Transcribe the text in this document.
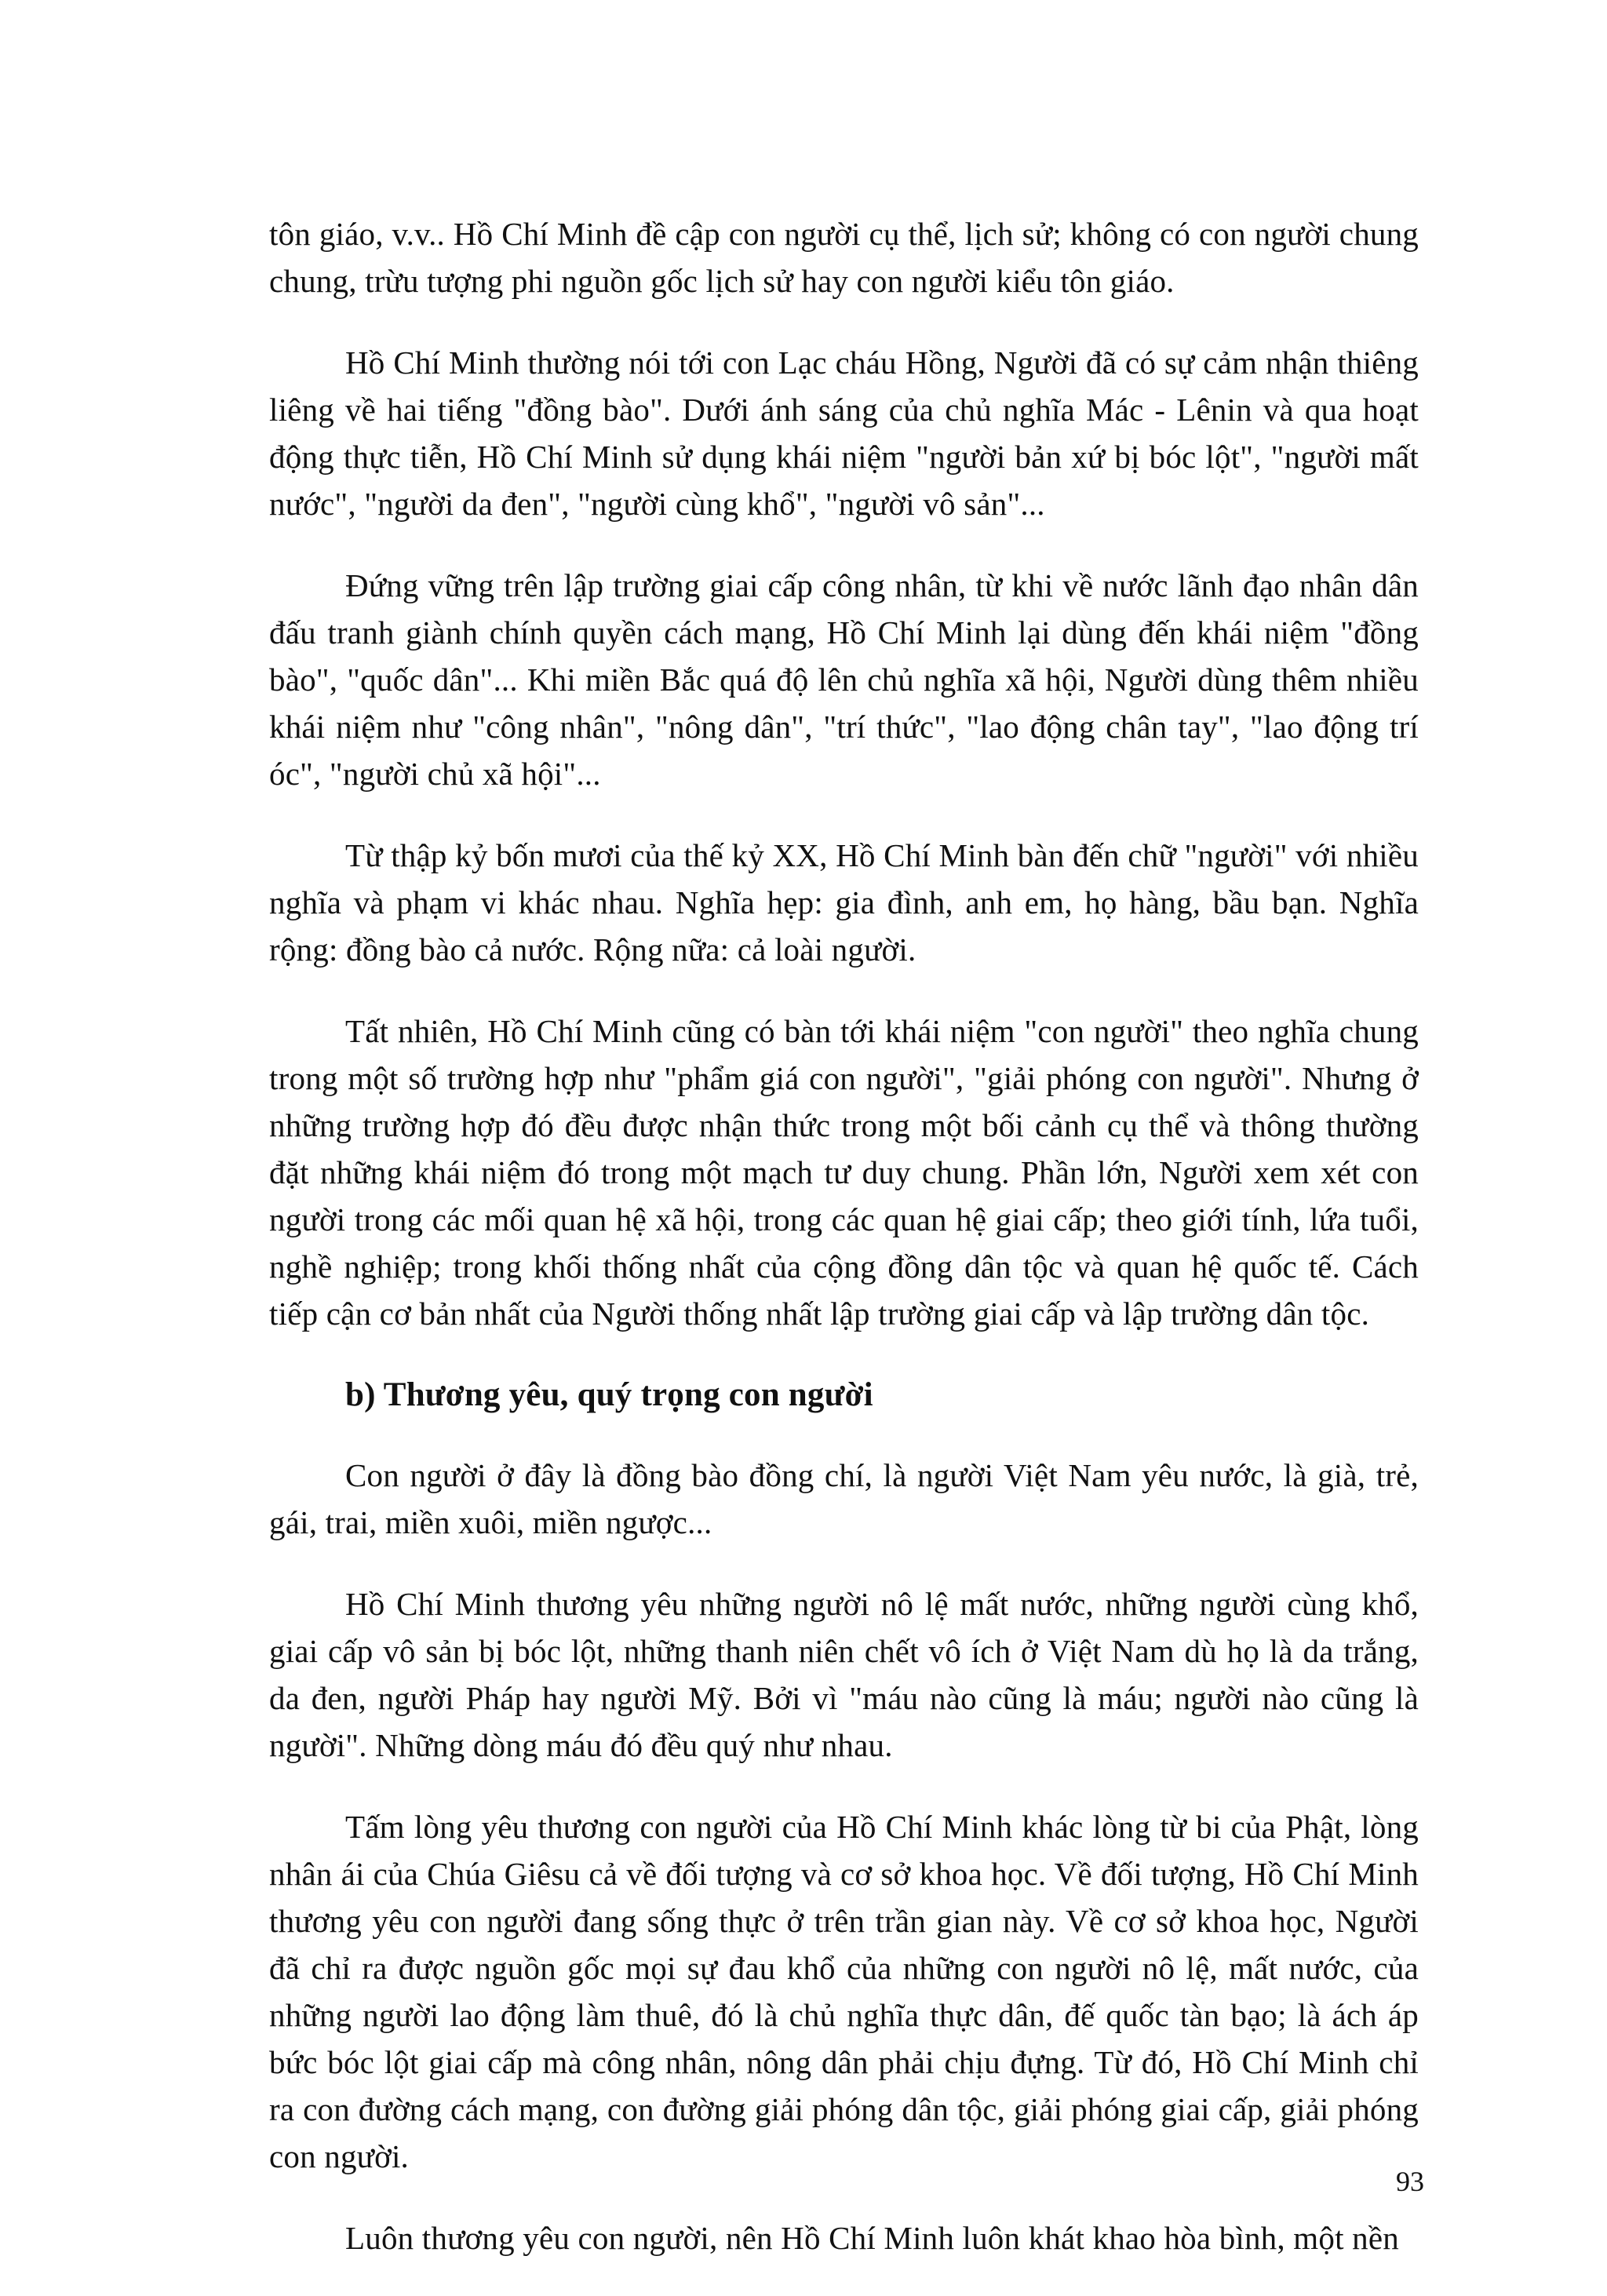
tôn giáo, v.v.. Hồ Chí Minh đề cập con người cụ thể, lịch sử; không có con người chung chung, trừu tượng phi nguồn gốc lịch sử hay con người kiểu tôn giáo.

Hồ Chí Minh thường nói tới con Lạc cháu Hồng, Người đã có sự cảm nhận thiêng liêng về hai tiếng "đồng bào". Dưới ánh sáng của chủ nghĩa Mác - Lênin và qua hoạt động thực tiễn, Hồ Chí Minh sử dụng khái niệm "người bản xứ bị bóc lột", "người mất nước", "người da đen", "người cùng khổ", "người vô sản"...

Đứng vững trên lập trường giai cấp công nhân, từ khi về nước lãnh đạo nhân dân đấu tranh giành chính quyền cách mạng, Hồ Chí Minh lại dùng đến khái niệm "đồng bào", "quốc dân"... Khi miền Bắc quá độ lên chủ nghĩa xã hội, Người dùng thêm nhiều khái niệm như "công nhân", "nông dân", "trí thức", "lao động chân tay", "lao động trí óc", "người chủ xã hội"...

Từ thập kỷ bốn mươi của thế kỷ XX, Hồ Chí Minh bàn đến chữ "người" với nhiều nghĩa và phạm vi khác nhau. Nghĩa hẹp: gia đình, anh em, họ hàng, bầu bạn. Nghĩa rộng: đồng bào cả nước. Rộng nữa: cả loài người.

Tất nhiên, Hồ Chí Minh cũng có bàn tới khái niệm "con người" theo nghĩa chung trong một số trường hợp như "phẩm giá con người", "giải phóng con người". Nhưng ở những trường hợp đó đều được nhận thức trong một bối cảnh cụ thể và thông thường đặt những khái niệm đó trong một mạch tư duy chung. Phần lớn, Người xem xét con người trong các mối quan hệ xã hội, trong các quan hệ giai cấp; theo giới tính, lứa tuổi, nghề nghiệp; trong khối thống nhất của cộng đồng dân tộc và quan hệ quốc tế. Cách tiếp cận cơ bản nhất của Người thống nhất lập trường giai cấp và lập trường dân tộc.

b) Thương yêu, quý trọng con người

Con người ở đây là đồng bào đồng chí, là người Việt Nam yêu nước, là già, trẻ, gái, trai, miền xuôi, miền ngược...

Hồ Chí Minh thương yêu những người nô lệ mất nước, những người cùng khổ, giai cấp vô sản bị bóc lột, những thanh niên chết vô ích ở Việt Nam dù họ là da trắng, da đen, người Pháp hay người Mỹ. Bởi vì "máu nào cũng là máu; người nào cũng là người". Những dòng máu đó đều quý như nhau.

Tấm lòng yêu thương con người của Hồ Chí Minh khác lòng từ bi của Phật, lòng nhân ái của Chúa Giêsu cả về đối tượng và cơ sở khoa học. Về đối tượng, Hồ Chí Minh thương yêu con người đang sống thực ở trên trần gian này. Về cơ sở khoa học, Người đã chỉ ra được nguồn gốc mọi sự đau khổ của những con người nô lệ, mất nước, của những người lao động làm thuê, đó là chủ nghĩa thực dân, đế quốc tàn bạo; là ách áp bức bóc lột giai cấp mà công nhân, nông dân phải chịu đựng. Từ đó, Hồ Chí Minh chỉ ra con đường cách mạng, con đường giải phóng dân tộc, giải phóng giai cấp, giải phóng con người.

Luôn thương yêu con người, nên Hồ Chí Minh luôn khát khao hòa bình, một nền

93
